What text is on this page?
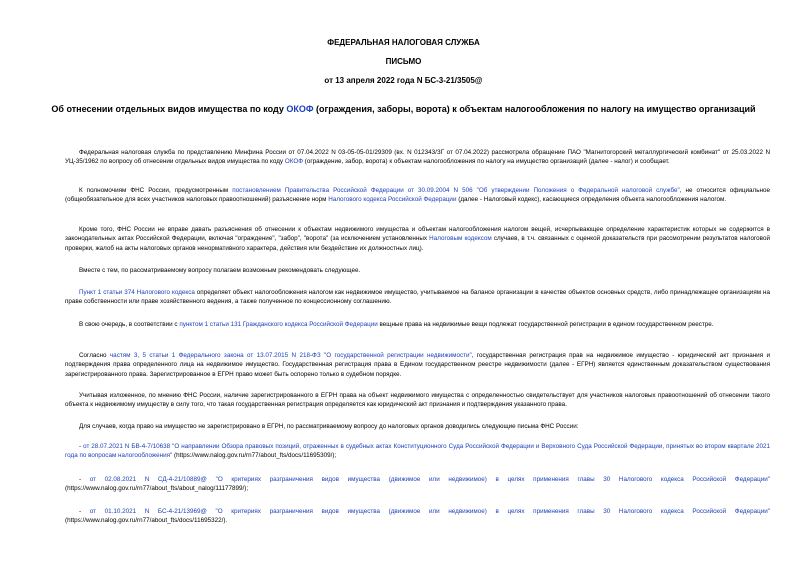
ФЕДЕРАЛЬНАЯ НАЛОГОВАЯ СЛУЖБА
ПИСЬМО
от 13 апреля 2022 года N БС-3-21/3505@
Об отнесении отдельных видов имущества по коду ОКОФ (ограждения, заборы, ворота) к объектам налогообложения по налогу на имущество организаций
Федеральная налоговая служба по представлению Минфина России от 07.04.2022 N 03-05-05-01/29309 (вх. N 012343/ЗГ от 07.04.2022) рассмотрела обращение ПАО "Магнитогорский металлургический комбинат" от 25.03.2022 N УЦ-35/1962 по вопросу об отнесении отдельных видов имущества по коду ОКОФ (ограждение, забор, ворота) к объектам налогообложения по налогу на имущество организаций (далее - налог) и сообщает.
К полномочиям ФНС России, предусмотренным постановлением Правительства Российской Федерации от 30.09.2004 N 506 "Об утверждении Положения о Федеральной налоговой службе", не относится официальное (общеобязательное для всех участников налоговых правоотношений) разъяснение норм Налогового кодекса Российской Федерации (далее - Налоговый кодекс), касающиеся определения объекта налогообложения налогом.
Кроме того, ФНС России не вправе давать разъяснения об отнесении к объектам недвижимого имущества и объектам налогообложения налогом вещей, исчерпывающее определение характеристик которых не содержится в законодательных актах Российской Федерации, включая "ограждение", "забор", "ворота" (за исключением установленных Налоговым кодексом случаев, в т.ч. связанных с оценкой доказательств при рассмотрении результатов налоговой проверки, жалоб на акты налоговых органов ненормативного характера, действия или бездействие их должностных лиц).
Вместе с тем, по рассматриваемому вопросу полагаем возможным рекомендовать следующее.
Пункт 1 статьи 374 Налогового кодекса определяет объект налогообложения налогом как недвижимое имущество, учитываемое на балансе организации в качестве объектов основных средств, либо принадлежащее организациям на праве собственности или праве хозяйственного ведения, а также полученное по концессионному соглашению.
В свою очередь, в соответствии с пунктом 1 статьи 131 Гражданского кодекса Российской Федерации вещные права на недвижимые вещи подлежат государственной регистрации в едином государственном реестре.
Согласно частям 3, 5 статьи 1 Федерального закона от 13.07.2015 N 218-ФЗ "О государственной регистрации недвижимости", государственная регистрация прав на недвижимое имущество - юридический акт признания и подтверждения права определенного лица на недвижимое имущество. Государственная регистрация права в Едином государственном реестре недвижимости (далее - ЕГРН) является единственным доказательством существования зарегистрированного права. Зарегистрированное в ЕГРН право может быть оспорено только в судебном порядке.
Учитывая изложенное, по мнению ФНС России, наличие зарегистрированного в ЕГРН права на объект недвижимого имущества с определенностью свидетельствует для участников налоговых правоотношений об отнесении такого объекта к недвижимому имуществу в силу того, что такая государственная регистрация определяется как юридический акт признания и подтверждения указанного права.
Для случаев, когда право на имущество не зарегистрировано в ЕГРН, по рассматриваемому вопросу до налоговых органов доводились следующие письма ФНС России:
- от 28.07.2021 N БВ-4-7/10638 "О направлении Обзора правовых позиций, отраженных в судебных актах Конституционного Суда Российской Федерации и Верховного Суда Российской Федерации, принятых во втором квартале 2021 года по вопросам налогообложения" (https://www.nalog.gov.ru/rn77/about_fts/docs/11695309/);
- от 02.08.2021 N СД-4-21/10889@ "О критериях разграничения видов имущества (движимое или недвижимое) в целях применения главы 30 Налогового кодекса Российской Федерации" (https://www.nalog.gov.ru/rn77/about_fts/about_nalog/11177899/);
- от 01.10.2021 N БС-4-21/13969@ "О критериях разграничения видов имущества (движимое или недвижимое) в целях применения главы 30 Налогового кодекса Российской Федерации" (https://www.nalog.gov.ru/rn77/about_fts/docs/11695322/).
